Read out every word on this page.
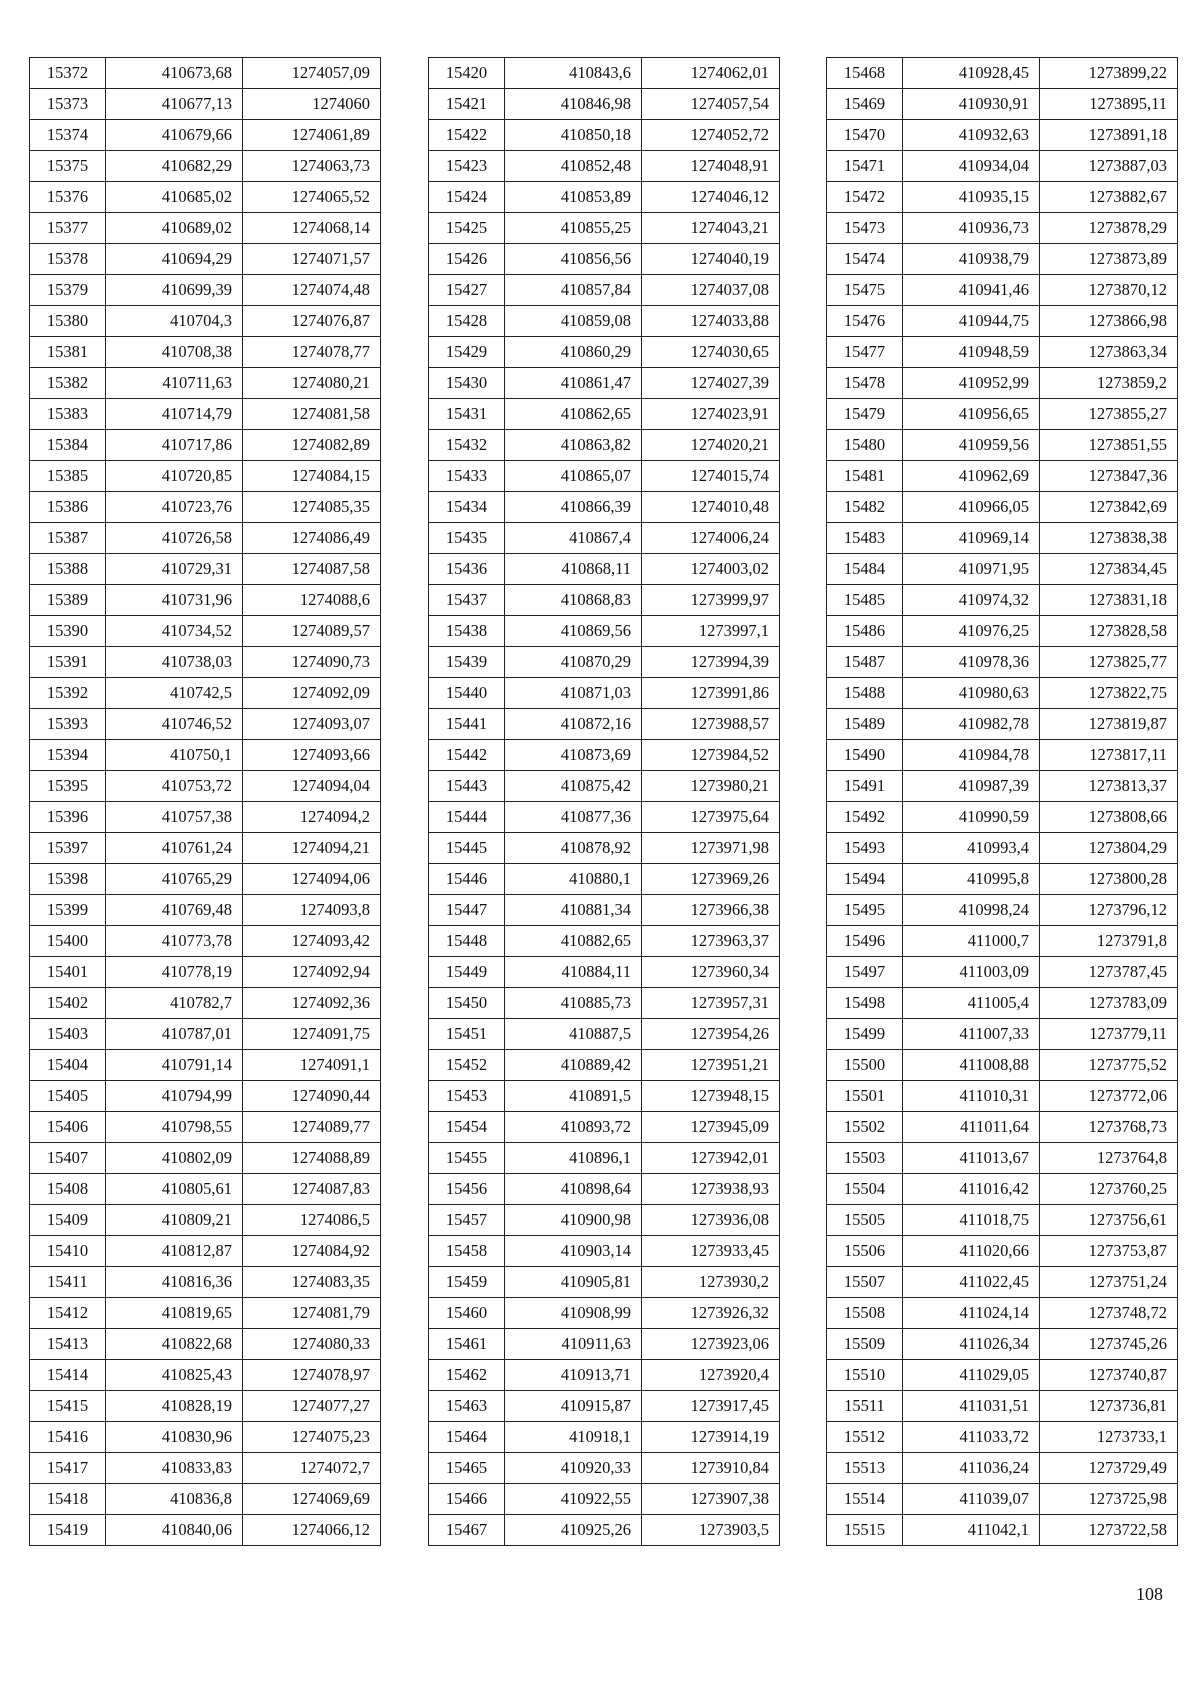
15372	410673,68	1274057,09
15373	410677,13	1274060
15374	410679,66	1274061,89
15375	410682,29	1274063,73
15376	410685,02	1274065,52
15377	410689,02	1274068,14
15378	410694,29	1274071,57
15379	410699,39	1274074,48
15380	410704,3	1274076,87
15381	410708,38	1274078,77
15382	410711,63	1274080,21
15383	410714,79	1274081,58
15384	410717,86	1274082,89
15385	410720,85	1274084,15
15386	410723,76	1274085,35
15387	410726,58	1274086,49
15388	410729,31	1274087,58
15389	410731,96	1274088,6
15390	410734,52	1274089,57
15391	410738,03	1274090,73
15392	410742,5	1274092,09
15393	410746,52	1274093,07
15394	410750,1	1274093,66
15395	410753,72	1274094,04
15396	410757,38	1274094,2
15397	410761,24	1274094,21
15398	410765,29	1274094,06
15399	410769,48	1274093,8
15400	410773,78	1274093,42
15401	410778,19	1274092,94
15402	410782,7	1274092,36
15403	410787,01	1274091,75
15404	410791,14	1274091,1
15405	410794,99	1274090,44
15406	410798,55	1274089,77
15407	410802,09	1274088,89
15408	410805,61	1274087,83
15409	410809,21	1274086,5
15410	410812,87	1274084,92
15411	410816,36	1274083,35
15412	410819,65	1274081,79
15413	410822,68	1274080,33
15414	410825,43	1274078,97
15415	410828,19	1274077,27
15416	410830,96	1274075,23
15417	410833,83	1274072,7
15418	410836,8	1274069,69
15419	410840,06	1274066,12
15420	410843,6	1274062,01
15421	410846,98	1274057,54
15422	410850,18	1274052,72
15423	410852,48	1274048,91
15424	410853,89	1274046,12
15425	410855,25	1274043,21
15426	410856,56	1274040,19
15427	410857,84	1274037,08
15428	410859,08	1274033,88
15429	410860,29	1274030,65
15430	410861,47	1274027,39
15431	410862,65	1274023,91
15432	410863,82	1274020,21
15433	410865,07	1274015,74
15434	410866,39	1274010,48
15435	410867,4	1274006,24
15436	410868,11	1274003,02
15437	410868,83	1273999,97
15438	410869,56	1273997,1
15439	410870,29	1273994,39
15440	410871,03	1273991,86
15441	410872,16	1273988,57
15442	410873,69	1273984,52
15443	410875,42	1273980,21
15444	410877,36	1273975,64
15445	410878,92	1273971,98
15446	410880,1	1273969,26
15447	410881,34	1273966,38
15448	410882,65	1273963,37
15449	410884,11	1273960,34
15450	410885,73	1273957,31
15451	410887,5	1273954,26
15452	410889,42	1273951,21
15453	410891,5	1273948,15
15454	410893,72	1273945,09
15455	410896,1	1273942,01
15456	410898,64	1273938,93
15457	410900,98	1273936,08
15458	410903,14	1273933,45
15459	410905,81	1273930,2
15460	410908,99	1273926,32
15461	410911,63	1273923,06
15462	410913,71	1273920,4
15463	410915,87	1273917,45
15464	410918,1	1273914,19
15465	410920,33	1273910,84
15466	410922,55	1273907,38
15467	410925,26	1273903,5
15468	410928,45	1273899,22
15469	410930,91	1273895,11
15470	410932,63	1273891,18
15471	410934,04	1273887,03
15472	410935,15	1273882,67
15473	410936,73	1273878,29
15474	410938,79	1273873,89
15475	410941,46	1273870,12
15476	410944,75	1273866,98
15477	410948,59	1273863,34
15478	410952,99	1273859,2
15479	410956,65	1273855,27
15480	410959,56	1273851,55
15481	410962,69	1273847,36
15482	410966,05	1273842,69
15483	410969,14	1273838,38
15484	410971,95	1273834,45
15485	410974,32	1273831,18
15486	410976,25	1273828,58
15487	410978,36	1273825,77
15488	410980,63	1273822,75
15489	410982,78	1273819,87
15490	410984,78	1273817,11
15491	410987,39	1273813,37
15492	410990,59	1273808,66
15493	410993,4	1273804,29
15494	410995,8	1273800,28
15495	410998,24	1273796,12
15496	411000,7	1273791,8
15497	411003,09	1273787,45
15498	411005,4	1273783,09
15499	411007,33	1273779,11
15500	411008,88	1273775,52
15501	411010,31	1273772,06
15502	411011,64	1273768,73
15503	411013,67	1273764,8
15504	411016,42	1273760,25
15505	411018,75	1273756,61
15506	411020,66	1273753,87
15507	411022,45	1273751,24
15508	411024,14	1273748,72
15509	411026,34	1273745,26
15510	411029,05	1273740,87
15511	411031,51	1273736,81
15512	411033,72	1273733,1
15513	411036,24	1273729,49
15514	411039,07	1273725,98
15515	411042,1	1273722,58
108
